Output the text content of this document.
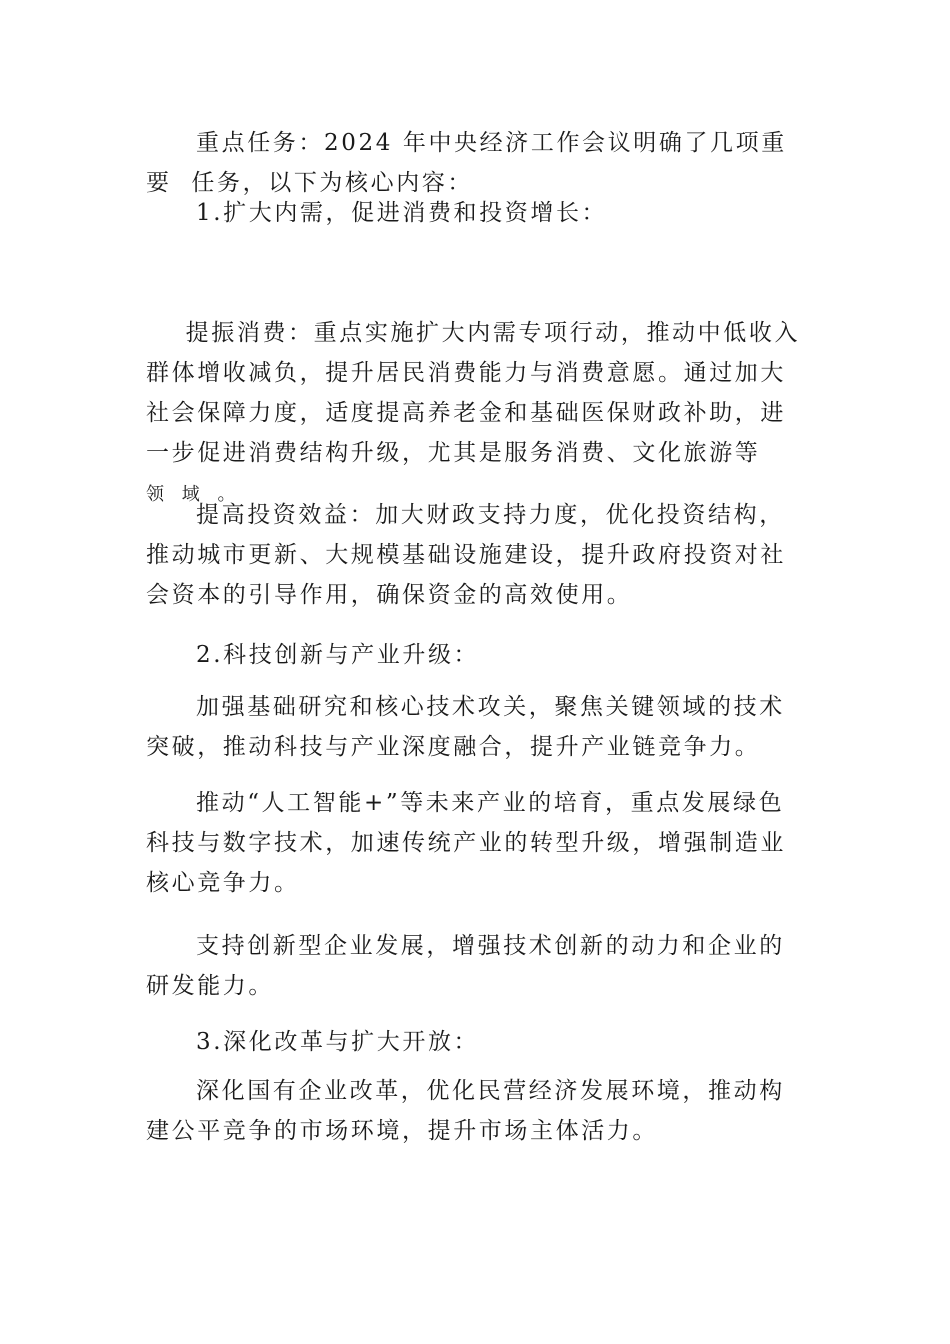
重点任务：2024 年中央经济工作会议明确了几项重要  任务，以下为核心内容：
1.扩大内需，促进消费和投资增长：

提振消费：重点实施扩大内需专项行动，推动中低收入群体增收减负，提升居民消费能力与消费意愿。通过加大社会保障力度，适度提高养老金和基础医保财政补助，进一步促进消费结构升级，尤其是服务消费、文化旅游等
领 域 。

提高投资效益：加大财政支持力度，优化投资结构，推动城市更新、大规模基础设施建设，提升政府投资对社会资本的引导作用，确保资金的高效使用。
2.科技创新与产业升级：
加强基础研究和核心技术攻关，聚焦关键领域的技术突破，推动科技与产业深度融合，提升产业链竞争力。
推动“人工智能+”等未来产业的培育，重点发展绿色科技与数字技术，加速传统产业的转型升级，增强制造业核心竞争力。
支持创新型企业发展，增强技术创新的动力和企业的研发能力。
3.深化改革与扩大开放：
深化国有企业改革，优化民营经济发展环境，推动构建公平竞争的市场环境，提升市场主体活力。
